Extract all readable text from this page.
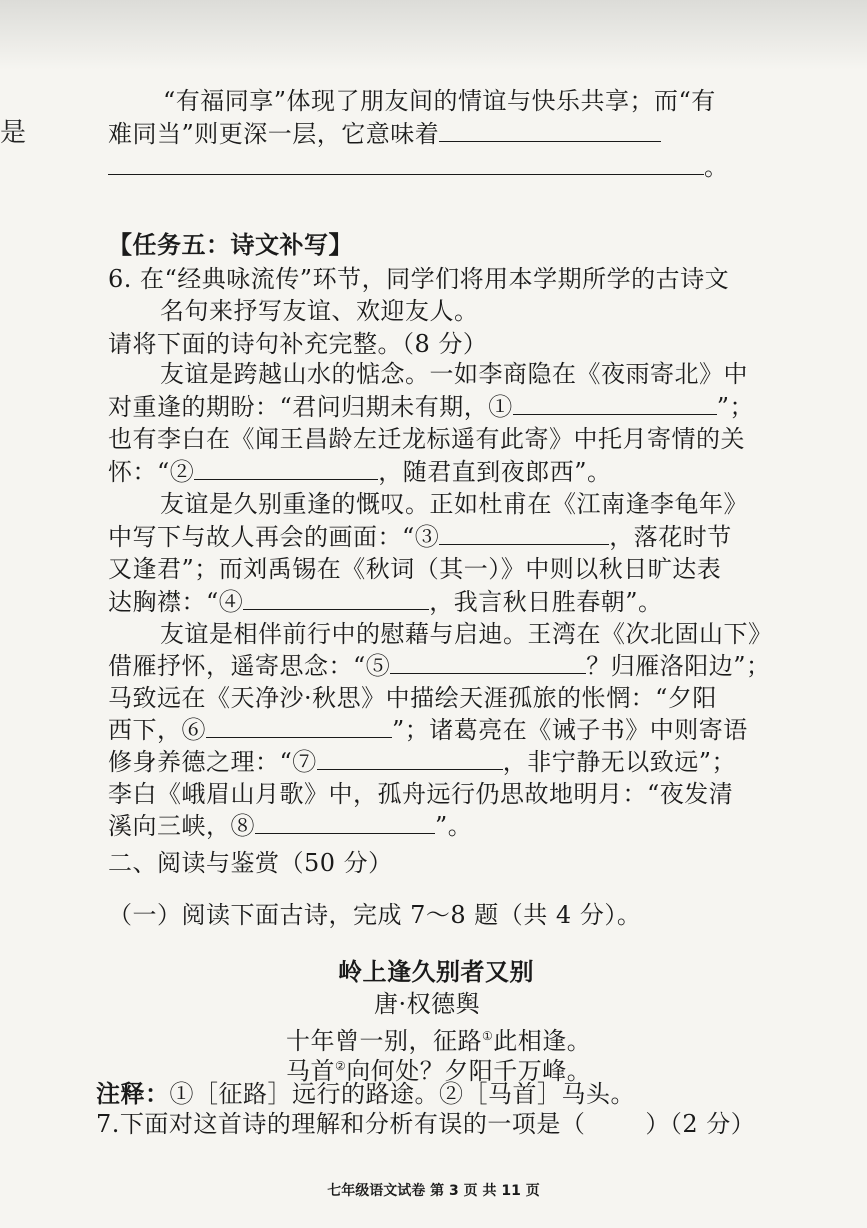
是
“有福同享”体现了朋友间的情谊与快乐共享；而“有
难同当”则更深一层，它意味着
。
【任务五：诗文补写】
6. 在“经典咏流传”环节，同学们将用本学期所学的古诗文
名句来抒写友谊、欢迎友人。
请将下面的诗句补充完整。（8 分）
友谊是跨越山水的惦念。一如李商隐在《夜雨寄北》中
对重逢的期盼：“君问归期未有期，①	”；
也有李白在《闻王昌龄左迁龙标遥有此寄》中托月寄情的关
怀：“②	，随君直到夜郎西”。
友谊是久别重逢的慨叹。正如杜甫在《江南逢李龟年》
中写下与故人再会的画面：“③	，落花时节
又逢君”；而刘禹锡在《秋词（其一）》中则以秋日旷达表
达胸襟：“④	，我言秋日胜春朝”。
友谊是相伴前行中的慰藉与启迪。王湾在《次北固山下》
借雁抒怀，遥寄思念：“⑤	？归雁洛阳边”；
马致远在《天净沙·秋思》中描绘天涯孤旅的怅惘：“夕阳
西下，⑥	”；诸葛亮在《诫子书》中则寄语
修身养德之理：“⑦	，非宁静无以致远”；
李白《峨眉山月歌》中，孤舟远行仍思故地明月：“夜发清
溪向三峡，⑧	”。
二、阅读与鉴赏（50 分）
（一）阅读下面古诗，完成 7～8 题（共 4 分）。
岭上逢久别者又别
唐·权德舆
十年曾一别，征路①此相逢。
马首②向何处？夕阳千万峰。
注释：①［征路］远行的路途。②［马首］马头。
7.下面对这首诗的理解和分析有误的一项是（	）（2 分）
七年级语文试卷 第 3 页 共 11 页
